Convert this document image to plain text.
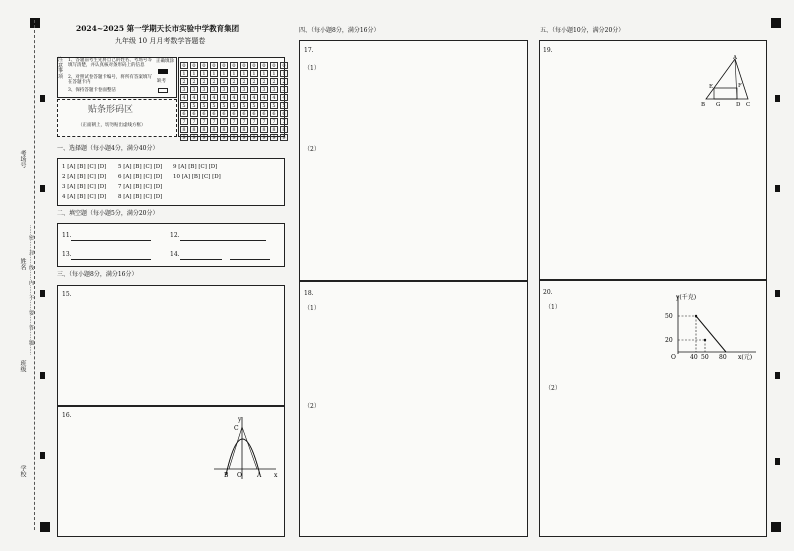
考场号
姓名
班级
学校
……密……封……线……内……不……要……答……题……
2024~2025 第一学期天长市实验中学教育集团
九年级 10 月月考数学答题卷
注意事项
1、答题前考生先将自己的姓名、考场号等填写清楚，并认真核对条形码上的信息
2、对照试卷答题卡编号，将所有答案填写在答题卡内
3、保持答题卡卷面整洁
正确填涂
缺考
贴条形码区
（正面朝上，切勿贴出虚线方框）
0	0	0	0	0	0	0	0	0	0	0
1	1	1	1	1	1	1	1	1	1	1
2	2	2	2	2	2	2	2	2	2	2
3	3	3	3	3	3	3	3	3	3	3
4	4	4	4	4	4	4	4	4	4	4
5	5	5	5	5	5	5	5	5	5	5
6	6	6	6	6	6	6	6	6	6	6
7	7	7	7	7	7	7	7	7	7	7
8	8	8	8	8	8	8	8	8	8	8
9	9	9	9	9	9	9	9	9	9	9
一、选择题（每小题4分，满分40分）
1 [A] [B] [C] [D] 5 [A] [B] [C] [D] 9 [A] [B] [C] [D]
2 [A] [B] [C] [D] 6 [A] [B] [C] [D] 10 [A] [B] [C] [D]
3 [A] [B] [C] [D] 7 [A] [B] [C] [D]
4 [A] [B] [C] [D] 8 [A] [B] [C] [D]
二、填空题（每小题5分，满分20分）
11.	12.
13.	14.
三、（每小题8分，满分16分）
15.
16.
y
C
x
B O	A
四、（每小题8分，满分16分）
17.
（1）
（2）
18.
（1）
（2）
五、（每小题10分，满分20分）
19.
A
E	F
B G	D C
20.
（1）
（2）
y(千克)
50
20
O 40 50 80 x(元)
